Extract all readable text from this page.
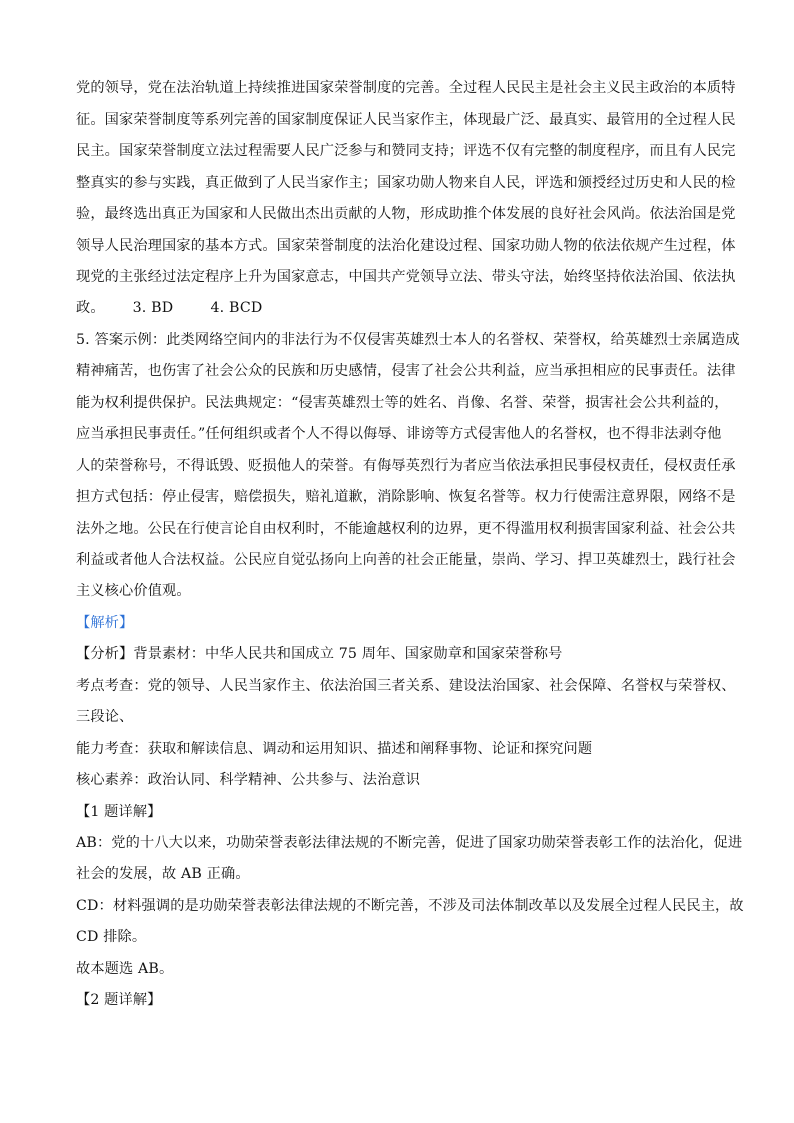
党的领导，党在法治轨道上持续推进国家荣誉制度的完善。全过程人民民主是社会主义民主政治的本质特
征。国家荣誉制度等系列完善的国家制度保证人民当家作主，体现最广泛、最真实、最管用的全过程人民
民主。国家荣誉制度立法过程需要人民广泛参与和赞同支持；评选不仅有完整的制度程序，而且有人民完
整真实的参与实践，真正做到了人民当家作主；国家功勋人物来自人民，评选和颁授经过历史和人民的检
验，最终选出真正为国家和人民做出杰出贡献的人物，形成助推个体发展的良好社会风尚。依法治国是党
领导人民治理国家的基本方式。国家荣誉制度的法治化建设过程、国家功勋人物的依法依规产生过程，体
现党的主张经过法定程序上升为国家意志，中国共产党领导立法、带头守法，始终坚持依法治国、依法执
政。      3. BD        4. BCD
5. 答案示例：此类网络空间内的非法行为不仅侵害英雄烈士本人的名誉权、荣誉权，给英雄烈士亲属造成
精神痛苦，也伤害了社会公众的民族和历史感情，侵害了社会公共利益，应当承担相应的民事责任。法律
能为权利提供保护。民法典规定：“侵害英雄烈士等的姓名、肖像、名誉、荣誉，损害社会公共利益的，
应当承担民事责任。”任何组织或者个人不得以侮辱、诽谤等方式侵害他人的名誉权，也不得非法剥夺他
人的荣誉称号，不得诋毁、贬损他人的荣誉。有侮辱英烈行为者应当依法承担民事侵权责任，侵权责任承
担方式包括：停止侵害，赔偿损失，赔礼道歉，消除影响、恢复名誉等。权力行使需注意界限，网络不是
法外之地。公民在行使言论自由权利时，不能逾越权利的边界，更不得滥用权利损害国家利益、社会公共
利益或者他人合法权益。公民应自觉弘扬向上向善的社会正能量，崇尚、学习、捍卫英雄烈士，践行社会
主义核心价值观。
【解析】
【分析】背景素材：中华人民共和国成立 75 周年、国家勋章和国家荣誉称号
考点考查：党的领导、人民当家作主、依法治国三者关系、建设法治国家、社会保障、名誉权与荣誉权、
三段论、
能力考查：获取和解读信息、调动和运用知识、描述和阐释事物、论证和探究问题
核心素养：政治认同、科学精神、公共参与、法治意识
【1 题详解】
AB：党的十八大以来，功勋荣誉表彰法律法规的不断完善，促进了国家功勋荣誉表彰工作的法治化，促进
社会的发展，故 AB 正确。
CD：材料强调的是功勋荣誉表彰法律法规的不断完善，不涉及司法体制改革以及发展全过程人民民主，故
CD 排除。
故本题选 AB。
【2 题详解】
